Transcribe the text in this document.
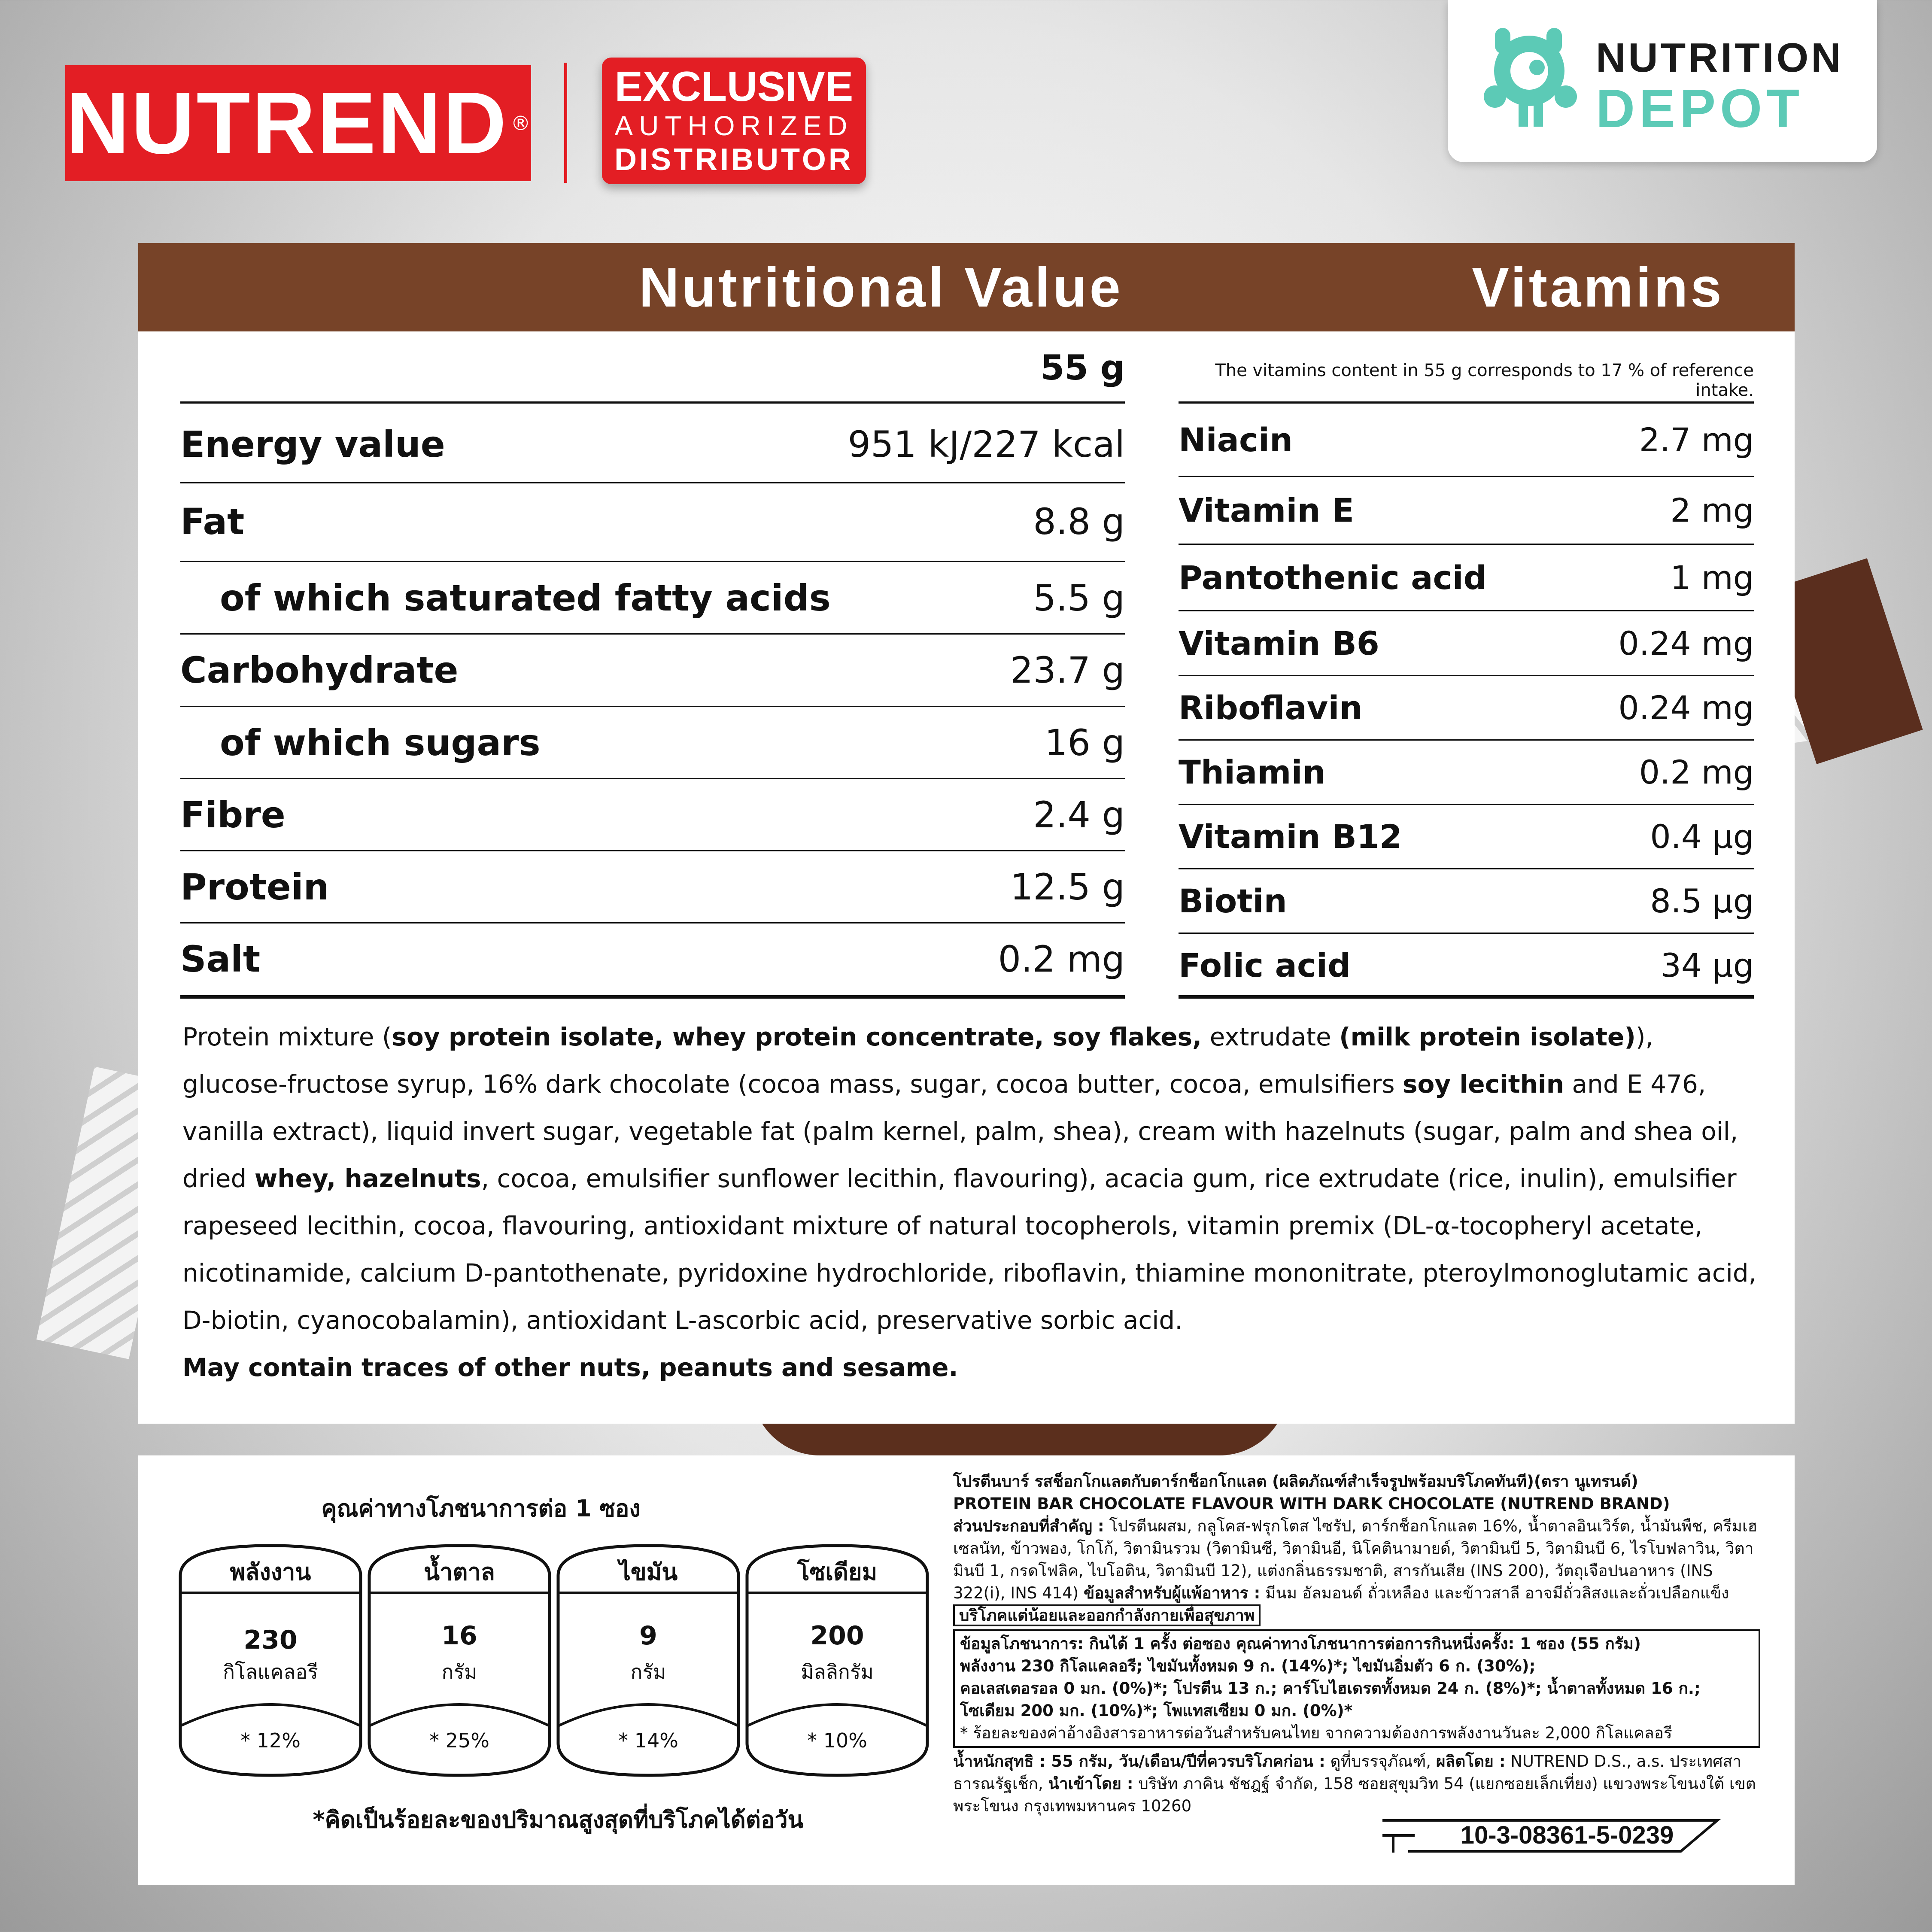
NUTREND ®
EXCLUSIVE
AUTHORIZED
DISTRIBUTOR
NUTRITION
DEPOT
Nutritional Value	Vitamins
55 g
Energy value	951 kJ/227 kcal
Fat	8.8 g
of which saturated fatty acids	5.5 g
Carbohydrate	23.7 g
of which sugars	16 g
Fibre	2.4 g
Protein	12.5 g
Salt	0.2 mg
The vitamins content in 55 g corresponds to 17 % of reference intake.
Niacin	2.7 mg
Vitamin E	2 mg
Pantothenic acid	1 mg
Vitamin B6	0.24 mg
Riboflavin	0.24 mg
Thiamin	0.2 mg
Vitamin B12	0.4 μg
Biotin	8.5 μg
Folic acid	34 μg
Protein mixture (soy protein isolate, whey protein concentrate, soy flakes, extrudate (milk protein isolate)), glucose-fructose syrup, 16% dark chocolate (cocoa mass, sugar, cocoa butter, cocoa, emulsifiers soy lecithin and E 476, vanilla extract), liquid invert sugar, vegetable fat (palm kernel, palm, shea), cream with hazelnuts (sugar, palm and shea oil, dried whey, hazelnuts, cocoa, emulsifier sunflower lecithin, flavouring), acacia gum, rice extrudate (rice, inulin), emulsifier rapeseed lecithin, cocoa, flavouring, antioxidant mixture of natural tocopherols, vitamin premix (DL-α-tocopheryl acetate, nicotinamide, calcium D-pantothenate, pyridoxine hydrochloride, riboflavin, thiamine mononitrate, pteroylmonoglutamic acid, D-biotin, cyanocobalamin), antioxidant L-ascorbic acid, preservative sorbic acid.
May contain traces of other nuts, peanuts and sesame.
คุณค่าทางโภชนาการต่อ 1 ซอง
พลังงาน
230
กิโลแคลอรี
* 12%
น้ำตาล
16
กรัม
* 25%
ไขมัน
9
กรัม
* 14%
โซเดียม
200
มิลลิกรัม
* 10%
*คิดเป็นร้อยละของปริมาณสูงสุดที่บริโภคได้ต่อวัน
โปรตีนบาร์ รสช็อกโกแลตกับดาร์กช็อกโกแลต (ผลิตภัณฑ์สำเร็จรูปพร้อมบริโภคทันที)(ตรา นูเทรนด์)
PROTEIN BAR CHOCOLATE FLAVOUR WITH DARK CHOCOLATE (NUTREND BRAND)
ส่วนประกอบที่สำคัญ : โปรตีนผสม, กลูโคส-ฟรุกโตส ไซรัป, ดาร์กช็อกโกแลต 16%, น้ำตาลอินเวิร์ต, น้ำมันพืช, ครีมเฮเซลนัท, ข้าวพอง, โกโก้, วิตามินรวม (วิตามินซี, วิตามินอี, นิโคตินามายด์, วิตามินบี 5, วิตามินบี 6, ไรโบฟลาวิน, วิตามินบี 1, กรดโฟลิค, ไบโอติน, วิตามินบี 12), แต่งกลิ่นธรรมชาติ, สารกันเสีย (INS 200), วัตถุเจือปนอาหาร (INS 322(i), INS 414) ข้อมูลสำหรับผู้แพ้อาหาร : มีนม อัลมอนด์ ถั่วเหลือง และข้าวสาลี อาจมีถั่วลิสงและถั่วเปลือกแข็ง บริโภคแต่น้อยและออกกำลังกายเพื่อสุขภาพ
ข้อมูลโภชนาการ: กินได้ 1 ครั้ง ต่อซอง คุณค่าทางโภชนาการต่อการกินหนึ่งครั้ง: 1 ซอง (55 กรัม)
พลังงาน 230 กิโลแคลอรี; ไขมันทั้งหมด 9 ก. (14%)*; ไขมันอิ่มตัว 6 ก. (30%);
คอเลสเตอรอล 0 มก. (0%)*; โปรตีน 13 ก.; คาร์โบไฮเดรตทั้งหมด 24 ก. (8%)*; น้ำตาลทั้งหมด 16 ก.;
โซเดียม 200 มก. (10%)*; โพแทสเซียม 0 มก. (0%)*
* ร้อยละของค่าอ้างอิงสารอาหารต่อวันสำหรับคนไทย จากความต้องการพลังงานวันละ 2,000 กิโลแคลอรี
น้ำหนักสุทธิ : 55 กรัม, วัน/เดือน/ปีที่ควรบริโภคก่อน : ดูที่บรรจุภัณฑ์, ผลิตโดย : NUTREND D.S., a.s. ประเทศสาธารณรัฐเช็ก, นำเข้าโดย : บริษัท ภาคิน ชัชฎฐ์ จำกัด, 158 ซอยสุขุมวิท 54 (แยกซอยเล็กเที่ยง) แขวงพระโขนงใต้ เขตพระโขนง กรุงเทพมหานคร 10260
10-3-08361-5-0239
